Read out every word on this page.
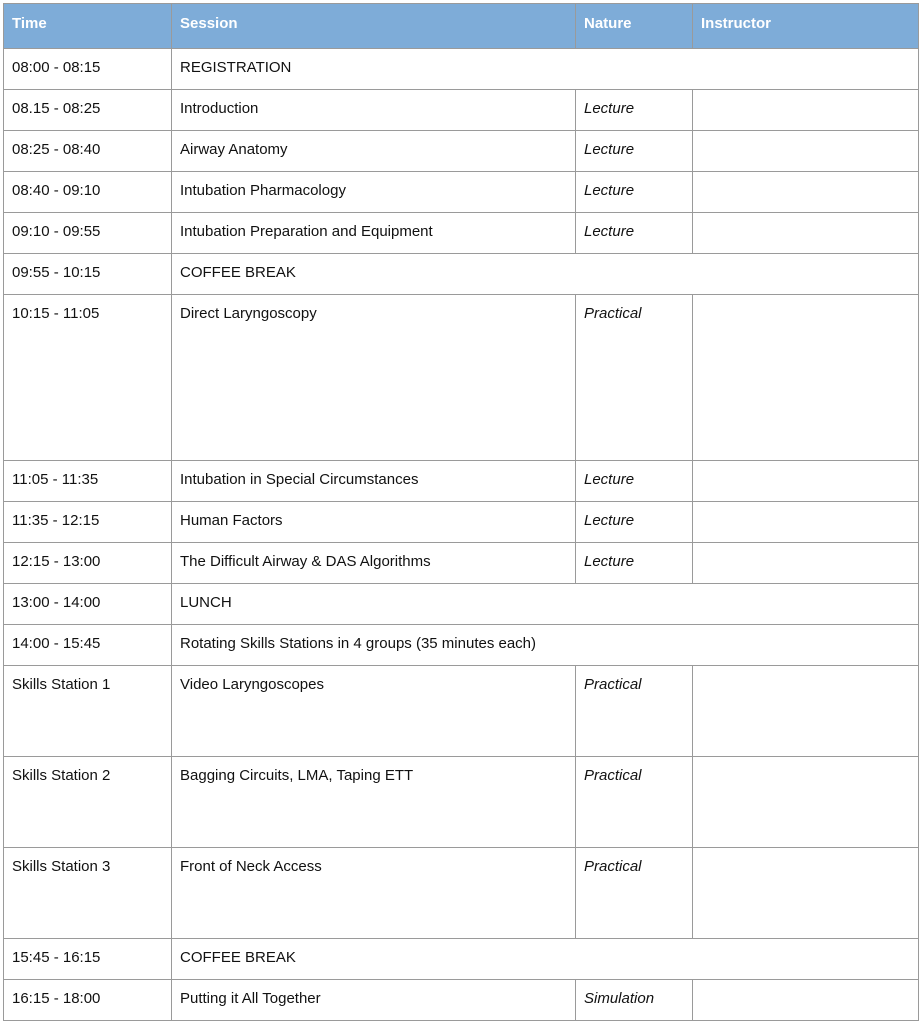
Time	Session	Nature	Instructor
08:00 - 08:15	REGISTRATION		
08.15 - 08:25	Introduction	Lecture	
08:25 - 08:40	Airway Anatomy	Lecture	
08:40 - 09:10	Intubation Pharmacology	Lecture	
09:10 - 09:55	Intubation Preparation and Equipment	Lecture	
09:55 - 10:15	COFFEE BREAK		
10:15 - 11:05	Direct Laryngoscopy	Practical	
11:05 - 11:35	Intubation in Special Circumstances	Lecture	
11:35 - 12:15	Human Factors	Lecture	
12:15 - 13:00	The Difficult Airway & DAS Algorithms	Lecture	
13:00 - 14:00	LUNCH		
14:00 - 15:45	Rotating Skills Stations in 4 groups (35 minutes each)		
Skills Station 1	Video Laryngoscopes	Practical	
Skills Station 2	Bagging Circuits, LMA, Taping ETT	Practical	
Skills Station 3	Front of Neck Access	Practical	
15:45 - 16:15	COFFEE BREAK		
16:15 - 18:00	Putting it All Together	Simulation	
